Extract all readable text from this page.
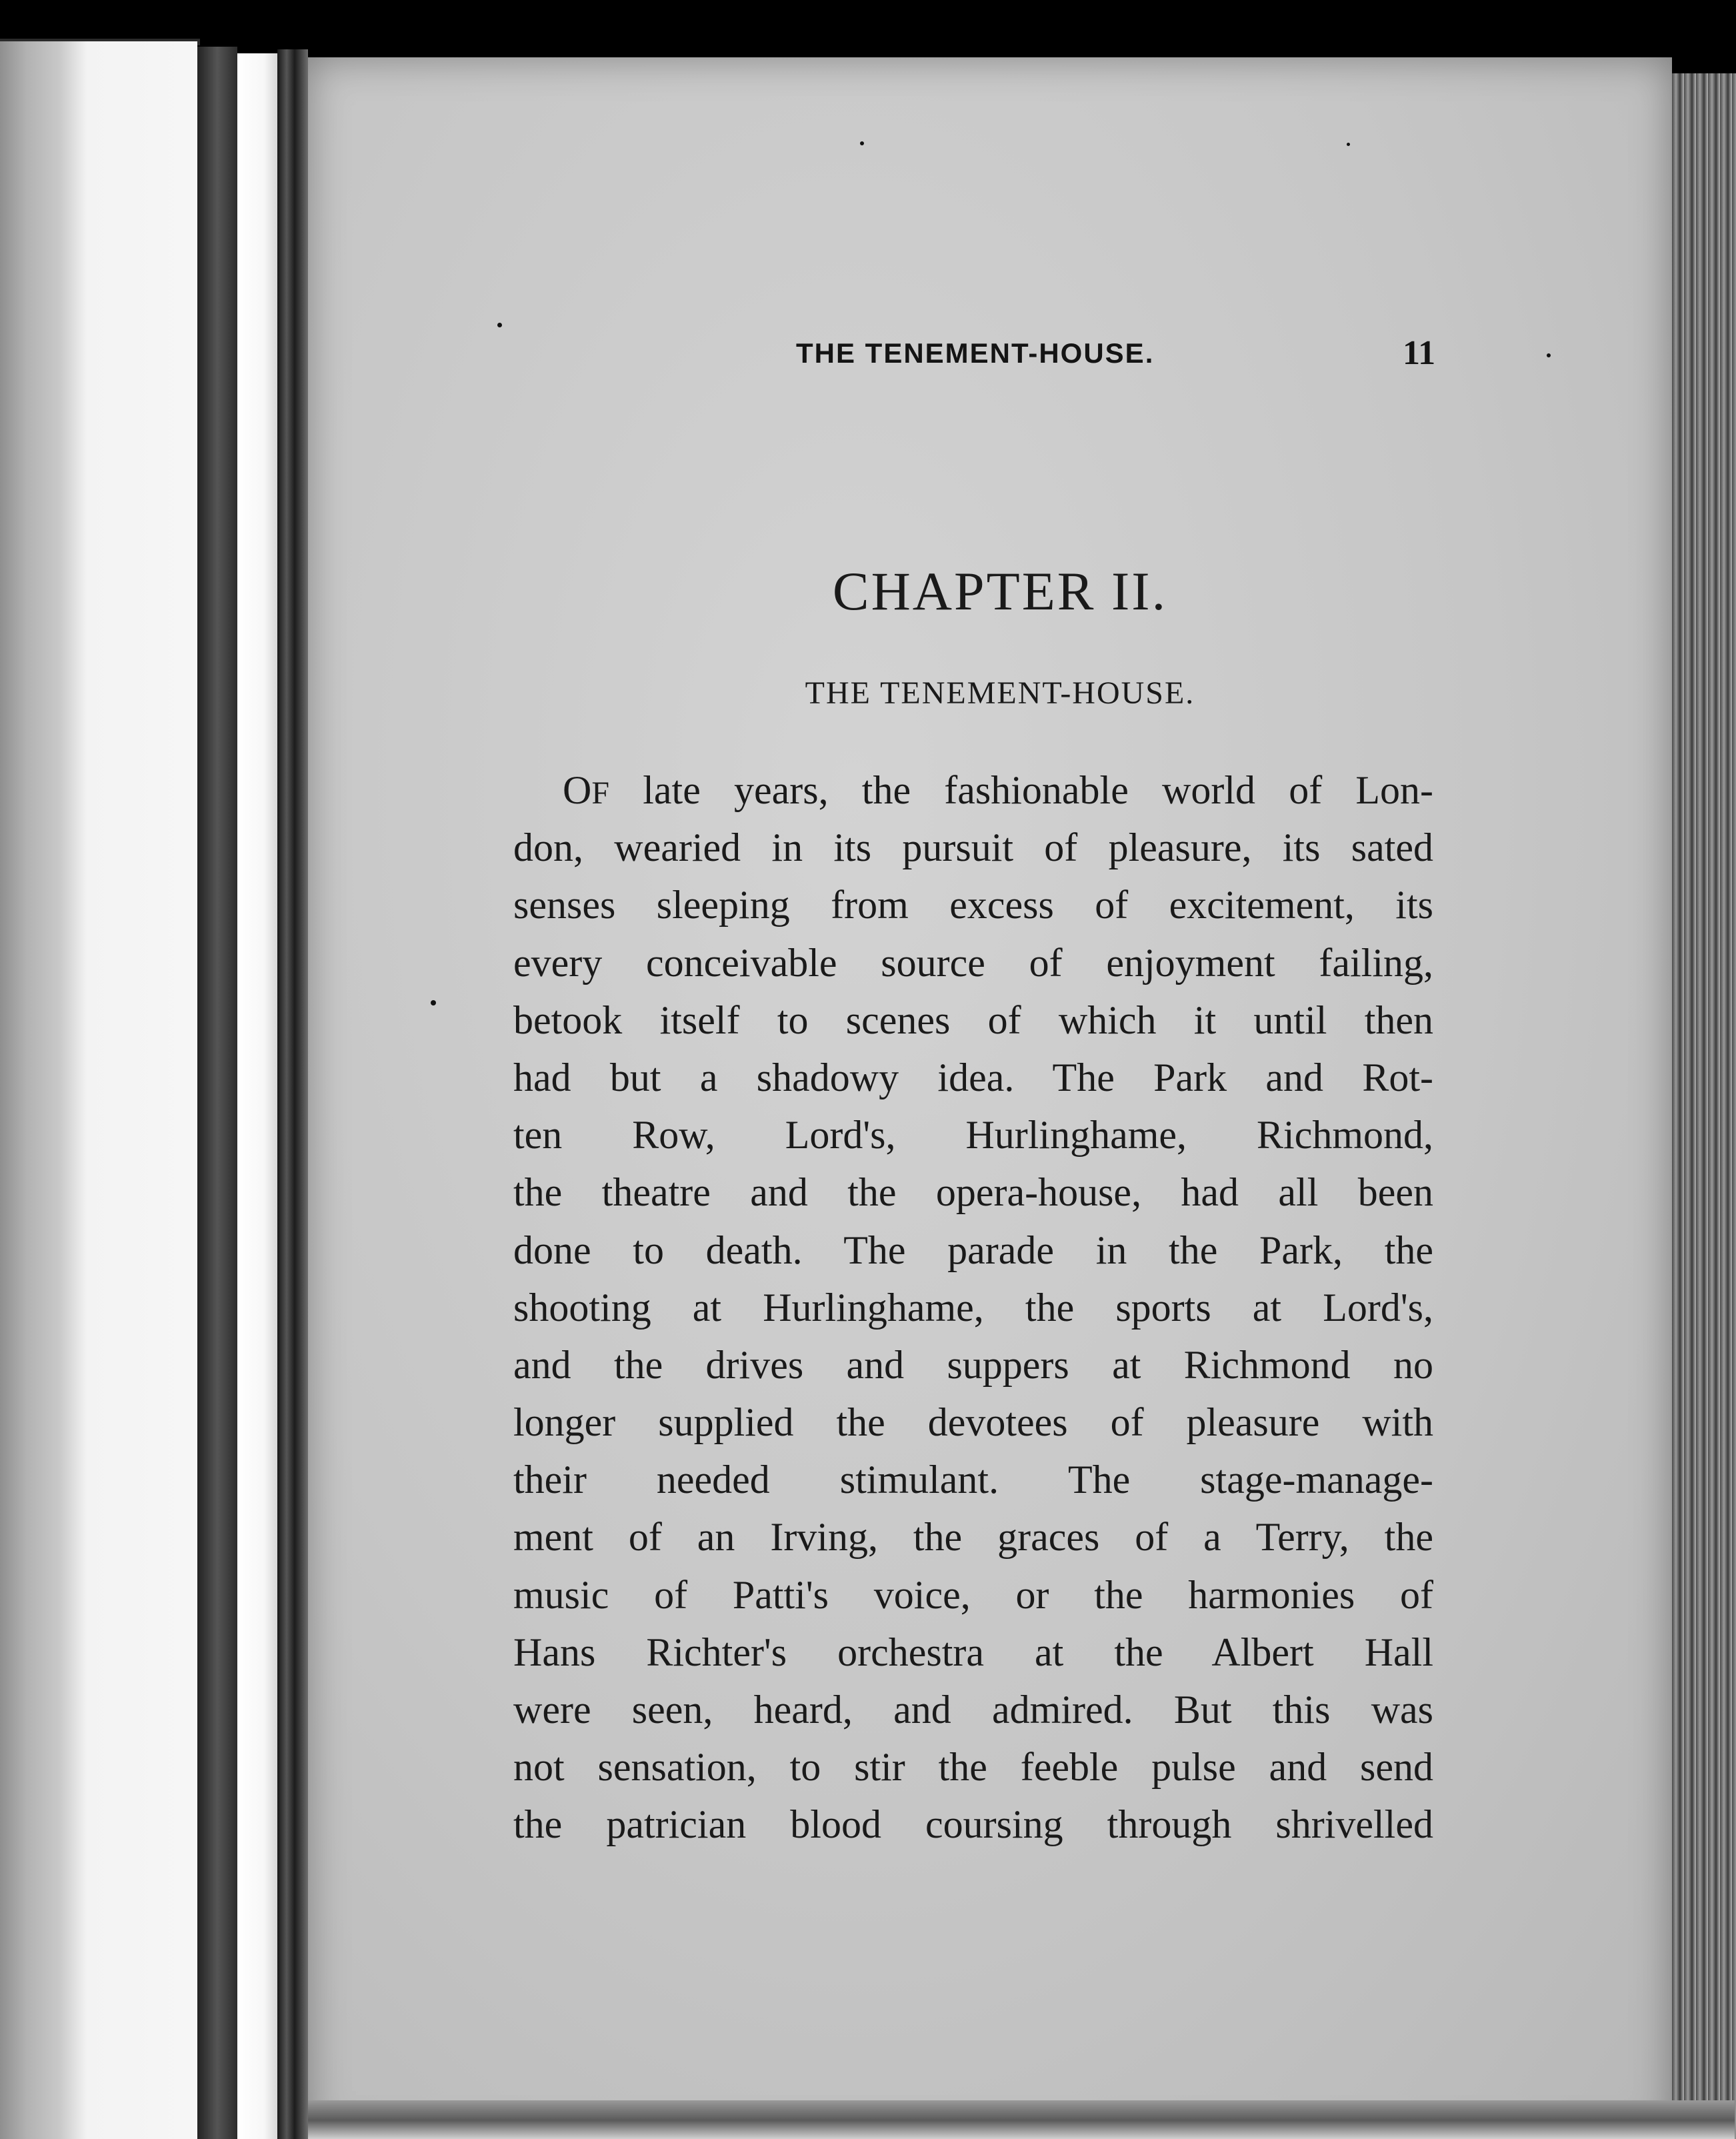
THE TENEMENT-HOUSE.	11
CHAPTER II.
THE TENEMENT-HOUSE.
OF late years, the fashionable world of Lon-
don, wearied in its pursuit of pleasure, its sated
senses sleeping from excess of excitement, its
every conceivable source of enjoyment failing,
betook itself to scenes of which it until then
had but a shadowy idea. The Park and Rot-
ten Row, Lord's, Hurlinghame, Richmond,
the theatre and the opera-house, had all been
done to death. The parade in the Park, the
shooting at Hurlinghame, the sports at Lord's,
and the drives and suppers at Richmond no
longer supplied the devotees of pleasure with
their needed stimulant. The stage-manage-
ment of an Irving, the graces of a Terry, the
music of Patti's voice, or the harmonies of
Hans Richter's orchestra at the Albert Hall
were seen, heard, and admired. But this was
not sensation, to stir the feeble pulse and send
the patrician blood coursing through shrivelled
